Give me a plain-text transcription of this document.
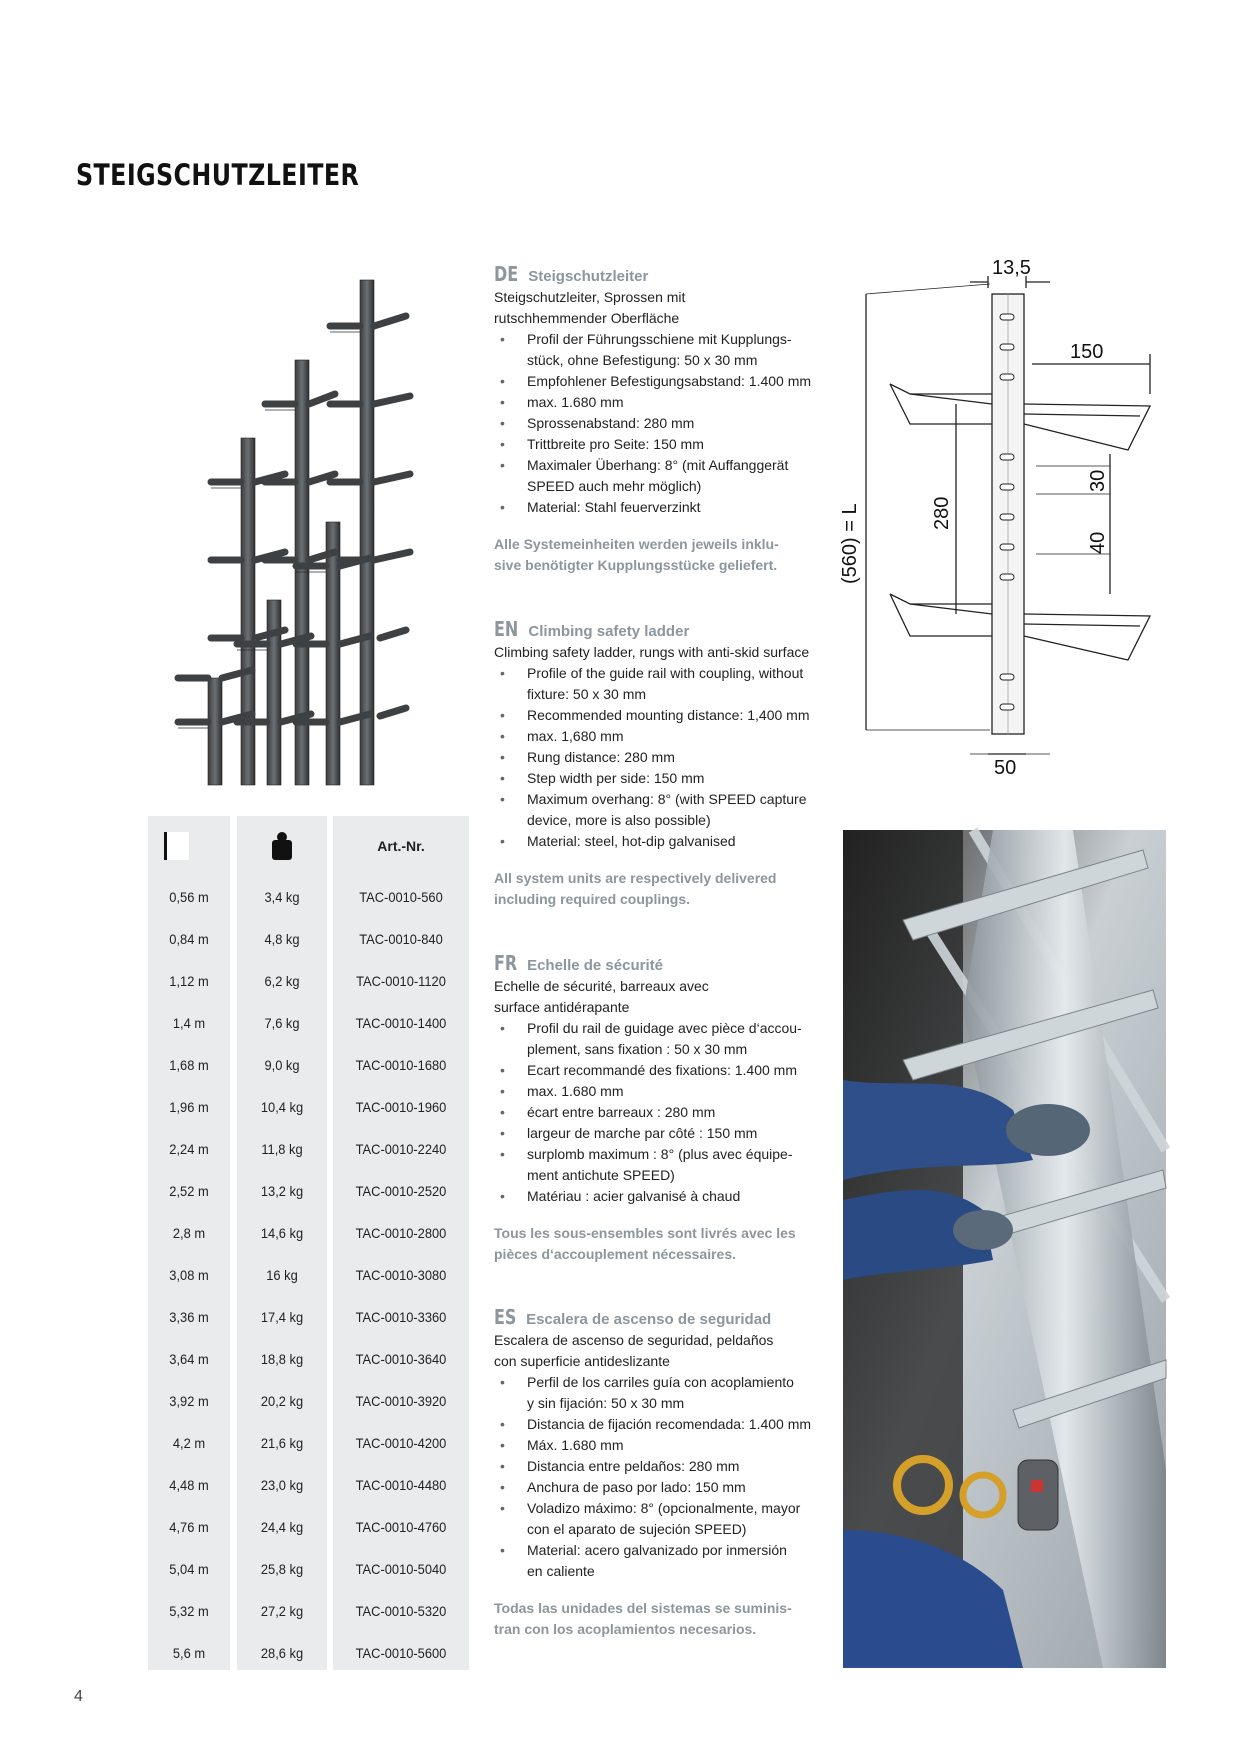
STEIGSCHUTZLEITER
0,56 m
0,84 m
1,12 m
1,4 m
1,68 m
1,96 m
2,24 m
2,52 m
2,8 m
3,08 m
3,36 m
3,64 m
3,92 m
4,2 m
4,48 m
4,76 m
5,04 m
5,32 m
5,6 m
3,4 kg
4,8 kg
6,2 kg
7,6 kg
9,0 kg
10,4 kg
11,8 kg
13,2 kg
14,6 kg
16 kg
17,4 kg
18,8 kg
20,2 kg
21,6 kg
23,0 kg
24,4 kg
25,8 kg
27,2 kg
28,6 kg
Art.-Nr.
TAC-0010-560
TAC-0010-840
TAC-0010-1120
TAC-0010-1400
TAC-0010-1680
TAC-0010-1960
TAC-0010-2240
TAC-0010-2520
TAC-0010-2800
TAC-0010-3080
TAC-0010-3360
TAC-0010-3640
TAC-0010-3920
TAC-0010-4200
TAC-0010-4480
TAC-0010-4760
TAC-0010-5040
TAC-0010-5320
TAC-0010-5600
DE Steigschutzleiter
Steigschutzleiter, Sprossen mit
rutschhemmender Oberfläche
• Profil der Führungsschiene mit Kupplungs-
stück, ohne Befestigung: 50 x 30 mm
• Empfohlener Befestigungsabstand: 1.400 mm
• max. 1.680 mm
• Sprossenabstand: 280 mm
• Trittbreite pro Seite: 150 mm
• Maximaler Überhang: 8° (mit Auffanggerät
SPEED auch mehr möglich)
• Material: Stahl feuerverzinkt
Alle Systemeinheiten werden jeweils inklu-
sive benötigter Kupplungsstücke geliefert.
EN Climbing safety ladder
Climbing safety ladder, rungs with anti-skid surface
• Profile of the guide rail with coupling, without
fixture: 50 x 30 mm
• Recommended mounting distance: 1,400 mm
• max. 1,680 mm
• Rung distance: 280 mm
• Step width per side: 150 mm
• Maximum overhang: 8° (with SPEED capture
device, more is also possible)
• Material: steel, hot-dip galvanised
All system units are respectively delivered
including required couplings.
FR Echelle de sécurité
Echelle de sécurité, barreaux avec
surface antidérapante
• Profil du rail de guidage avec pièce d‘accou-
plement, sans fixation : 50 x 30 mm
• Ecart recommandé des fixations: 1.400 mm
• max. 1.680 mm
• écart entre barreaux : 280 mm
• largeur de marche par côté : 150 mm
• surplomb maximum : 8° (plus avec équipe-
ment antichute SPEED)
• Matériau : acier galvanisé à chaud
Tous les sous-ensembles sont livrés avec les
pièces d‘accouplement nécessaires.
ES Escalera de ascenso de seguridad
Escalera de ascenso de seguridad, peldaños
con superficie antideslizante
• Perfil de los carriles guía con acoplamiento
y sin fijación: 50 x 30 mm
• Distancia de fijación recomendada: 1.400 mm
• Máx. 1.680 mm
• Distancia entre peldaños: 280 mm
• Anchura de paso por lado: 150 mm
• Voladizo máximo: 8° (opcionalmente, mayor
con el aparato de sujeción SPEED)
• Material: acero galvanizado por inmersión
en caliente
Todas las unidades del sistemas se suminis-
tran con los acoplamientos necesarios.
13,5
150
(560) = L	280
30
40
50
4
